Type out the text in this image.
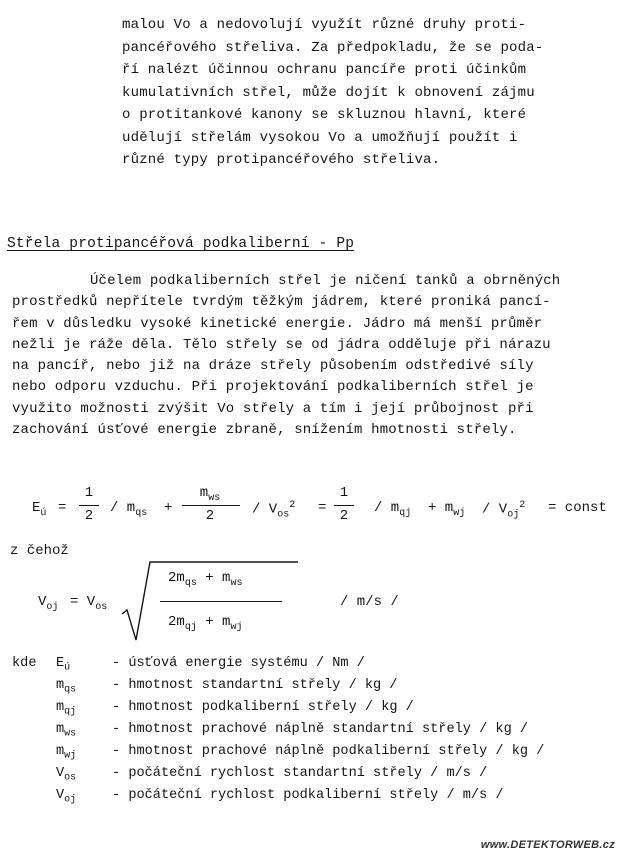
malou Vo a nedovolují využít různé druhy proti-
pancéřového střeliva. Za předpokladu, že se poda-
ří nalézt účinnou ochranu pancíře proti účinkům
kumulativních střel, může dojít k obnovení zájmu
o protitankové kanony se skluznou hlavní, které
udělují střelám vysokou Vo a umožňují použít i
různé typy protipancéřového střeliva.
Střela protipancéřová podkaliberní - Pp
Účelem podkaliberních střel je ničení tanků a obrněných
prostředků nepřítele tvrdým těžkým jádrem, které proniká pancí-
řem v důsledku vysoké kinetické energie. Jádro má menší průměr
nežli je ráže děla. Tělo střely se od jádra odděluje při nárazu
na pancíř, nebo již na dráze střely působením odstředivé síly
nebo odporu vzduchu. Při projektování podkaliberních střel je
využito možnosti zvýšit Vo střely a tím i její průbojnost při
zachování úsťové energie zbraně, snížením hmotnosti střely.
$E_ú$ =
1
2	/ $m_{qs}$ +
$m_{ws}$
2	/ $V_{os}^2$ =
1
$2 / m_{qj} + m_{wj} / V_{oj}^2$ = const
z čehož
$V_{oj} = V_{os}$
$2m_{qs} + m_{ws}$
$2m_{qj} + m_{wj}$
/ m/s /
kde $E_ú$	- úsťová energie systému / Nm /
$m_{qs}$	- hmotnost standartní střely / kg /
$m_{qj}$	- hmotnost podkaliberní střely / kg /
$m_{ws}$	- hmotnost prachové náplně standartní střely / kg /
$m_{wj}$	- hmotnost prachové náplně podkaliberní střely / kg /
$V_{os}$	- počáteční rychlost standartní střely / m/s /
$V_{oj}$	- počáteční rychlost podkaliberní střely / m/s /
www.DETEKTORWEB.cz
